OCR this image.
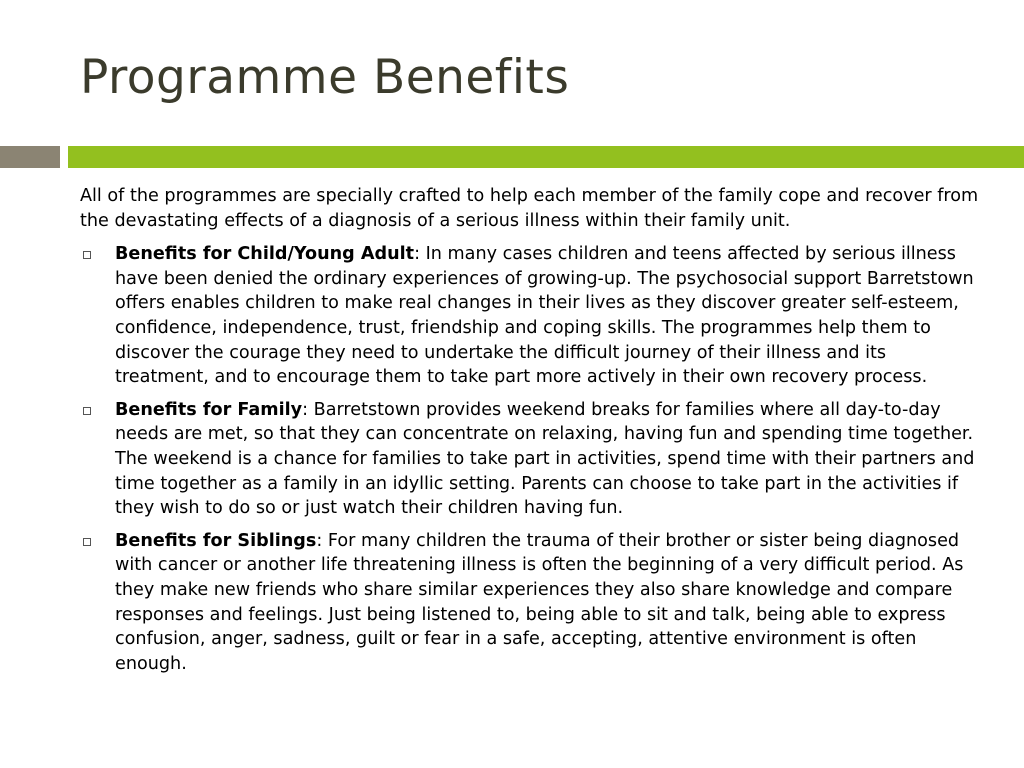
Programme Benefits

All of the programmes are specially crafted to help each member of the family cope and recover from the devastating effects of a diagnosis of a serious illness within their family unit.

Benefits for Child/Young Adult: In many cases children and teens affected by serious illness have been denied the ordinary experiences of growing-up. The psychosocial support Barretstown offers enables children to make real changes in their lives as they discover greater self-esteem, confidence, independence, trust, friendship and coping skills. The programmes help them to discover the courage they need to undertake the difficult journey of their illness and its treatment, and to encourage them to take part more actively in their own recovery process.
Benefits for Family: Barretstown provides weekend breaks for families where all day-to-day needs are met, so that they can concentrate on relaxing, having fun and spending time together. The weekend is a chance for families to take part in activities, spend time with their partners and time together as a family in an idyllic setting. Parents can choose to take part in the activities if they wish to do so or just watch their children having fun.
Benefits for Siblings: For many children the trauma of their brother or sister being diagnosed with cancer or another life threatening illness is often the beginning of a very difficult period. As they make new friends who share similar experiences they also share knowledge and compare responses and feelings. Just being listened to, being able to sit and talk, being able to express confusion, anger, sadness, guilt or fear in a safe, accepting, attentive environment is often enough.
